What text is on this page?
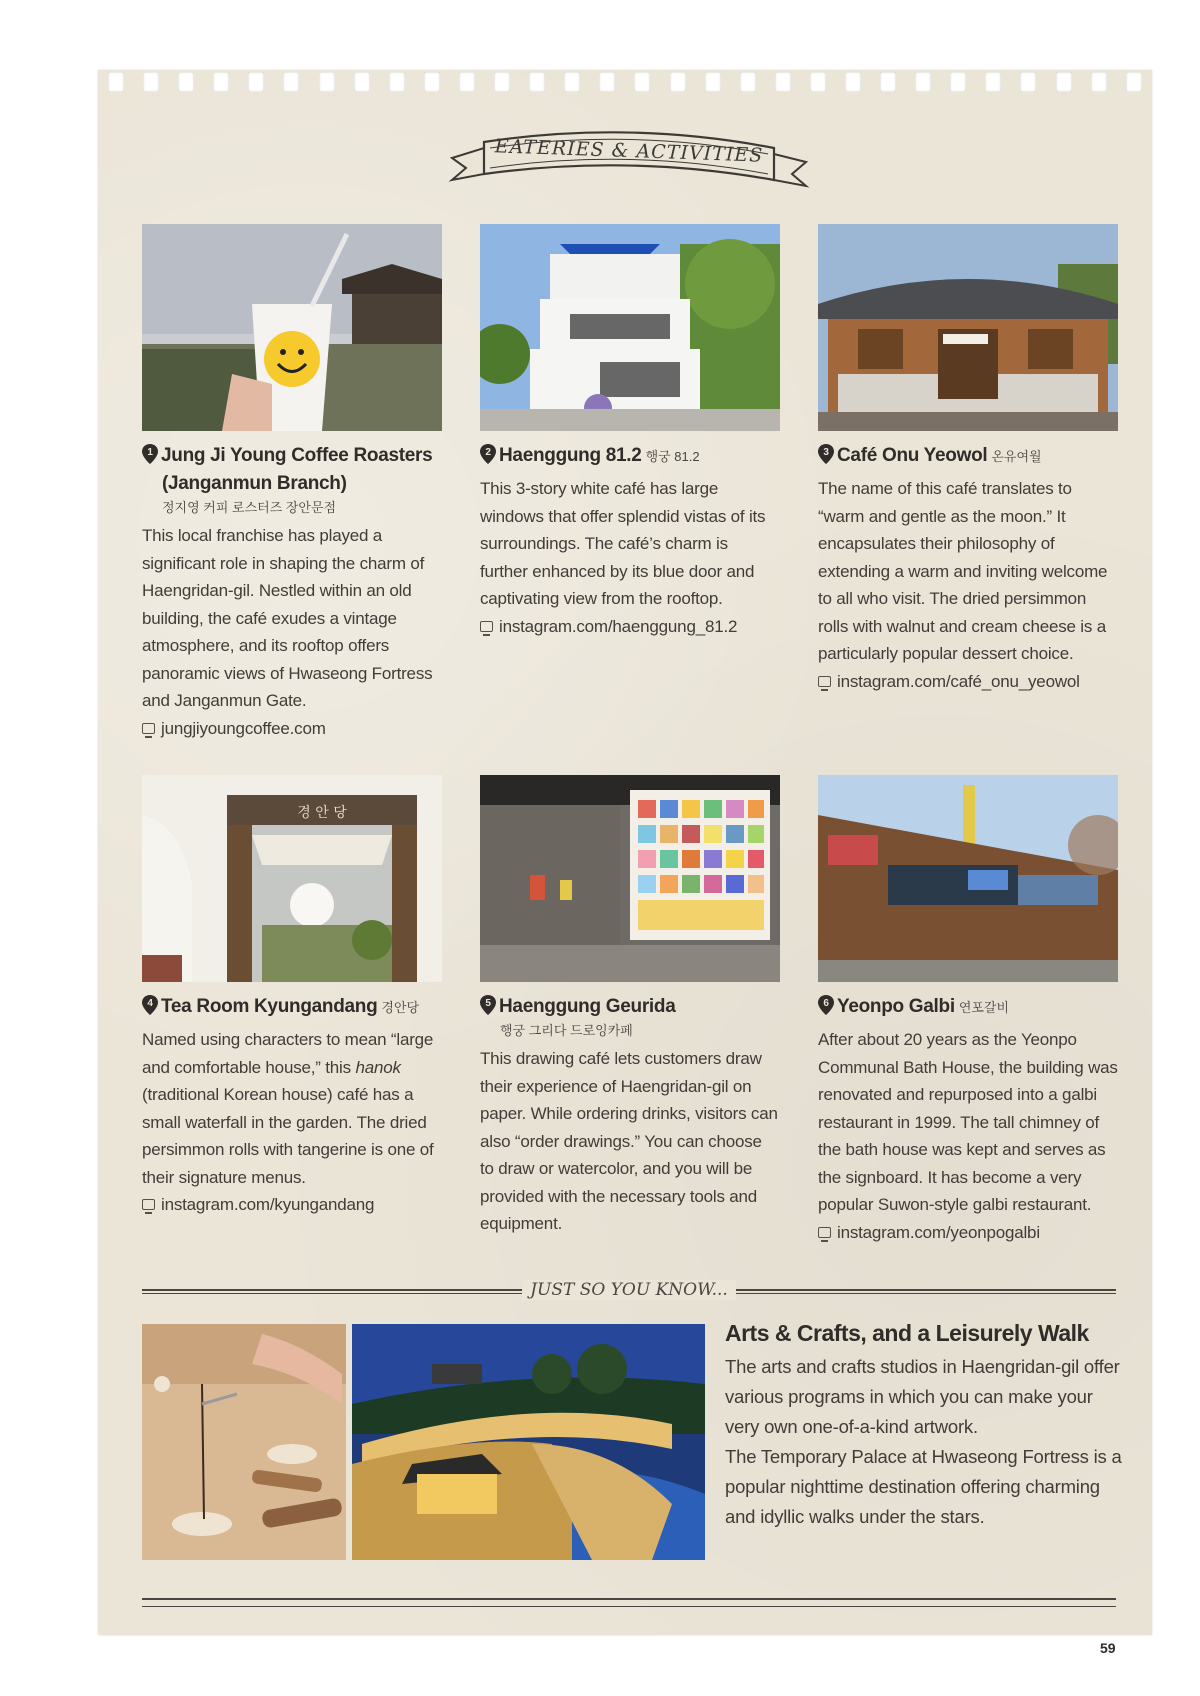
EATERIES & ACTIVITIES
1 Jung Ji Young Coffee Roasters
(Janganmun Branch)
정지영 커피 로스터즈 장안문점

This local franchise has played a significant role in shaping the charm of Haengridan-gil. Nestled within an old building, the café exudes a vintage atmosphere, and its rooftop offers panoramic views of Hwaseong Fortress and Janganmun Gate.

jungjiyoungcoffee.com
2 Haenggung 81.2 행궁 81.2

This 3-story white café has large windows that offer splendid vistas of its surroundings. The café’s charm is further enhanced by its blue door and captivating view from the rooftop.

instagram.com/haenggung_81.2
3 Café Onu Yeowol 온유여월

The name of this café translates to “warm and gentle as the moon.” It encapsulates their philosophy of extending a warm and inviting welcome to all who visit. The dried persimmon rolls with walnut and cream cheese is a particularly popular dessert choice.

instagram.com/café_onu_yeowol
경 안 당
4 Tea Room Kyungandang 경안당

Named using characters to mean “large and comfortable house,” this hanok (traditional Korean house) café has a small waterfall in the garden. The dried persimmon rolls with tangerine is one of their signature menus.

instagram.com/kyungandang
5 Haenggung Geurida
행궁 그리다 드로잉카페

This drawing café lets customers draw their experience of Haengridan-gil on paper. While ordering drinks, visitors can also “order drawings.” You can choose to draw or watercolor, and you will be provided with the necessary tools and equipment.

6 Yeonpo Galbi 연포갈비

After about 20 years as the Yeonpo Communal Bath House, the building was renovated and repurposed into a galbi restaurant in 1999. The tall chimney of the bath house was kept and serves as the signboard. It has become a very popular Suwon-style galbi restaurant.

instagram.com/yeonpogalbi
JUST SO YOU KNOW...
Arts & Crafts, and a Leisurely Walk
The arts and crafts studios in Haengridan-gil offer various programs in which you can make your very own one-of-a-kind artwork.
The Temporary Palace at Hwaseong Fortress is a popular nighttime destination offering charming and idyllic walks under the stars.
59
